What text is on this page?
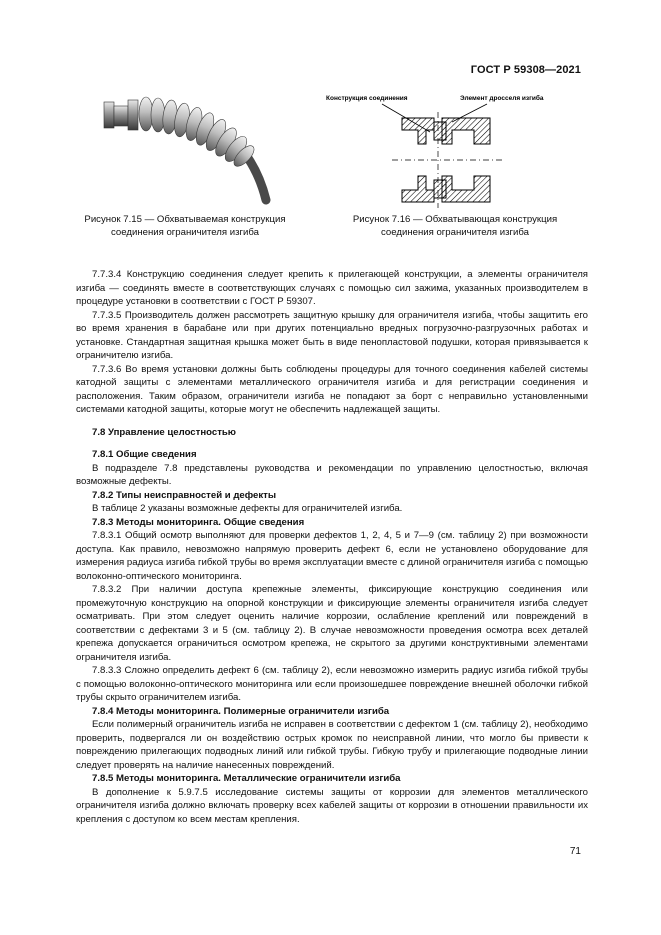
ГОСТ Р 59308—2021
Конструкция соединения	Элемент дросселя изгиба
Рисунок 7.15 — Обхватываемая конструкция
соединения ограничителя изгиба
Рисунок 7.16 — Обхватывающая конструкция
соединения ограничителя изгиба

7.7.3.4 Конструкцию соединения следует крепить к прилегающей конструкции, а элементы ограничителя изгиба — соединять вместе в соответствующих случаях с помощью сил зажима, указанных производителем в процедуре установки в соответствии с ГОСТ Р 59307.

7.7.3.5 Производитель должен рассмотреть защитную крышку для ограничителя изгиба, чтобы защитить его во время хранения в барабане или при других потенциально вредных погрузочно-разгрузочных работах и установке. Стандартная защитная крышка может быть в виде пенопластовой подушки, которая привязывается к ограничителю изгиба.

7.7.3.6 Во время установки должны быть соблюдены процедуры для точного соединения кабелей системы катодной защиты с элементами металлического ограничителя изгиба и для регистрации соединения и расположения. Таким образом, ограничители изгиба не попадают за борт с неправильно установленными системами катодной защиты, которые могут не обеспечить надлежащей защиты.

7.8 Управление целостностью

7.8.1 Общие сведения

В подразделе 7.8 представлены руководства и рекомендации по управлению целостностью, включая возможные дефекты.

7.8.2 Типы неисправностей и дефекты

В таблице 2 указаны возможные дефекты для ограничителей изгиба.

7.8.3 Методы мониторинга. Общие сведения

7.8.3.1 Общий осмотр выполняют для проверки дефектов 1, 2, 4, 5 и 7—9 (см. таблицу 2) при возможности доступа. Как правило, невозможно напрямую проверить дефект 6, если не установлено оборудование для измерения радиуса изгиба гибкой трубы во время эксплуатации вместе с длиной ограничителя изгиба с помощью волоконно-оптического мониторинга.

7.8.3.2 При наличии доступа крепежные элементы, фиксирующие конструкцию соединения или промежуточную конструкцию на опорной конструкции и фиксирующие элементы ограничителя изгиба следует осматривать. При этом следует оценить наличие коррозии, ослабление креплений или повреждений в соответствии с дефектами 3 и 5 (см. таблицу 2). В случае невозможности проведения осмотра всех деталей крепежа допускается ограничиться осмотром крепежа, не скрытого за другими конструктивными элементами ограничителя изгиба.

7.8.3.3 Сложно определить дефект 6 (см. таблицу 2), если невозможно измерить радиус изгиба гибкой трубы с помощью волоконно-оптического мониторинга или если произошедшее повреждение внешней оболочки гибкой трубы скрыто ограничителем изгиба.

7.8.4 Методы мониторинга. Полимерные ограничители изгиба

Если полимерный ограничитель изгиба не исправен в соответствии с дефектом 1 (см. таблицу 2), необходимо проверить, подвергался ли он воздействию острых кромок по неисправной линии, что могло бы привести к повреждению прилегающих подводных линий или гибкой трубы. Гибкую трубу и прилегающие подводные линии следует проверять на наличие нанесенных повреждений.

7.8.5 Методы мониторинга. Металлические ограничители изгиба

В дополнение к 5.9.7.5 исследование системы защиты от коррозии для элементов металлического ограничителя изгиба должно включать проверку всех кабелей защиты от коррозии в отношении правильности их крепления с доступом ко всем местам крепления.

71
